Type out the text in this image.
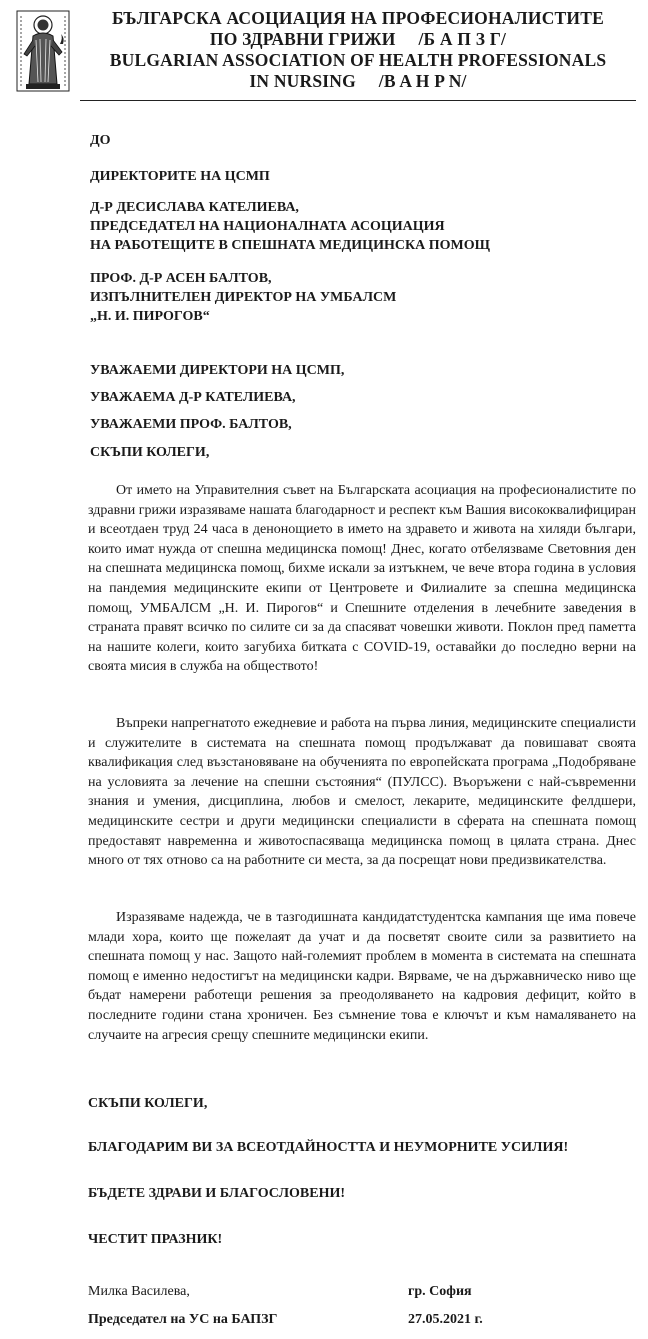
БЪЛГАРСКА АСОЦИАЦИЯ НА ПРОФЕСИОНАЛИСТИТЕ
ПО ЗДРАВНИ ГРИЖИ     /Б А П З Г/
BULGARIAN ASSOCIATION OF HEALTH PROFESSIONALS
IN NURSING     /B A H P N/
ДО
ДИРЕКТОРИТЕ НА ЦСМП
Д-Р ДЕСИСЛАВА КАТЕЛИЕВА,
ПРЕДСЕДАТЕЛ НА НАЦИОНАЛНАТА АСОЦИАЦИЯ
НА РАБОТЕЩИТЕ В СПЕШНАТА МЕДИЦИНСКА ПОМОЩ
ПРОФ. Д-Р АСЕН БАЛТОВ,
ИЗПЪЛНИТЕЛЕН ДИРЕКТОР НА УМБАЛСМ
„Н. И. ПИРОГОВ“
УВАЖАЕМИ ДИРЕКТОРИ НА ЦСМП,
УВАЖАЕМА Д-Р КАТЕЛИЕВА,
УВАЖАЕМИ ПРОФ. БАЛТОВ,
СКЪПИ КОЛЕГИ,
От името на Управителния съвет на Българската асоциация на професионалистите по здравни грижи изразяваме нашата благодарност и респект към Вашия висококвалифициран и всеотдаен труд 24 часа в денонощието в името на здравето и живота на хиляди българи, които имат нужда от спешна медицинска помощ! Днес, когато отбелязваме Световния ден на спешната медицинска помощ, бихме искали за изтъкнем, че вече втора година в условия на пандемия медицинските екипи от Центровете и Филиалите за спешна медицинска помощ, УМБАЛСМ „Н. И. Пирогов“ и Спешните отделения в лечебните заведения в страната правят всичко по силите си за да спасяват човешки животи. Поклон пред паметта на нашите колеги, които загубиха битката с COVID-19, оставайки до последно верни на своята мисия в служба на обществото!
Въпреки напрегнатото ежедневие и работа на първа линия, медицинските специалисти и служителите в системата на спешната помощ продължават да повишават своята квалификация след възстановяване на обученията по европейската програма „Подобряване на условията за лечение на спешни състояния“ (ПУЛСС). Въоръжени с най-съвременни знания и умения, дисциплина, любов и смелост, лекарите, медицинските фелдшери, медицинските сестри и други медицински специалисти в сферата на спешната помощ предоставят навременна и животоспасяваща медицинска помощ в цялата страна. Днес много от тях отново са на работните си места, за да посрещат нови предизвикателства.
Изразяваме надежда, че в тазгодишната кандидатстудентска кампания ще има повече млади хора, които ще пожелаят да учат и да посветят своите сили за развитието на спешната помощ у нас. Защото най-големият проблем в момента в системата на спешната помощ е именно недостигът на медицински кадри. Вярваме, че на държавническо ниво ще бъдат намерени работещи решения за преодоляването на кадровия дефицит, който в последните години стана хроничен. Без съмнение това е ключът и към намаляването на случаите на агресия срещу спешните медицински екипи.
СКЪПИ КОЛЕГИ,
БЛАГОДАРИМ ВИ ЗА ВСЕОТДАЙНОСТТА И НЕУМОРНИТЕ УСИЛИЯ!
БЪДЕТЕ ЗДРАВИ И БЛАГОСЛОВЕНИ!
ЧЕСТИТ ПРАЗНИК!
Милка Василева,	гр. София
Председател на УС на БАПЗГ	27.05.2021 г.
